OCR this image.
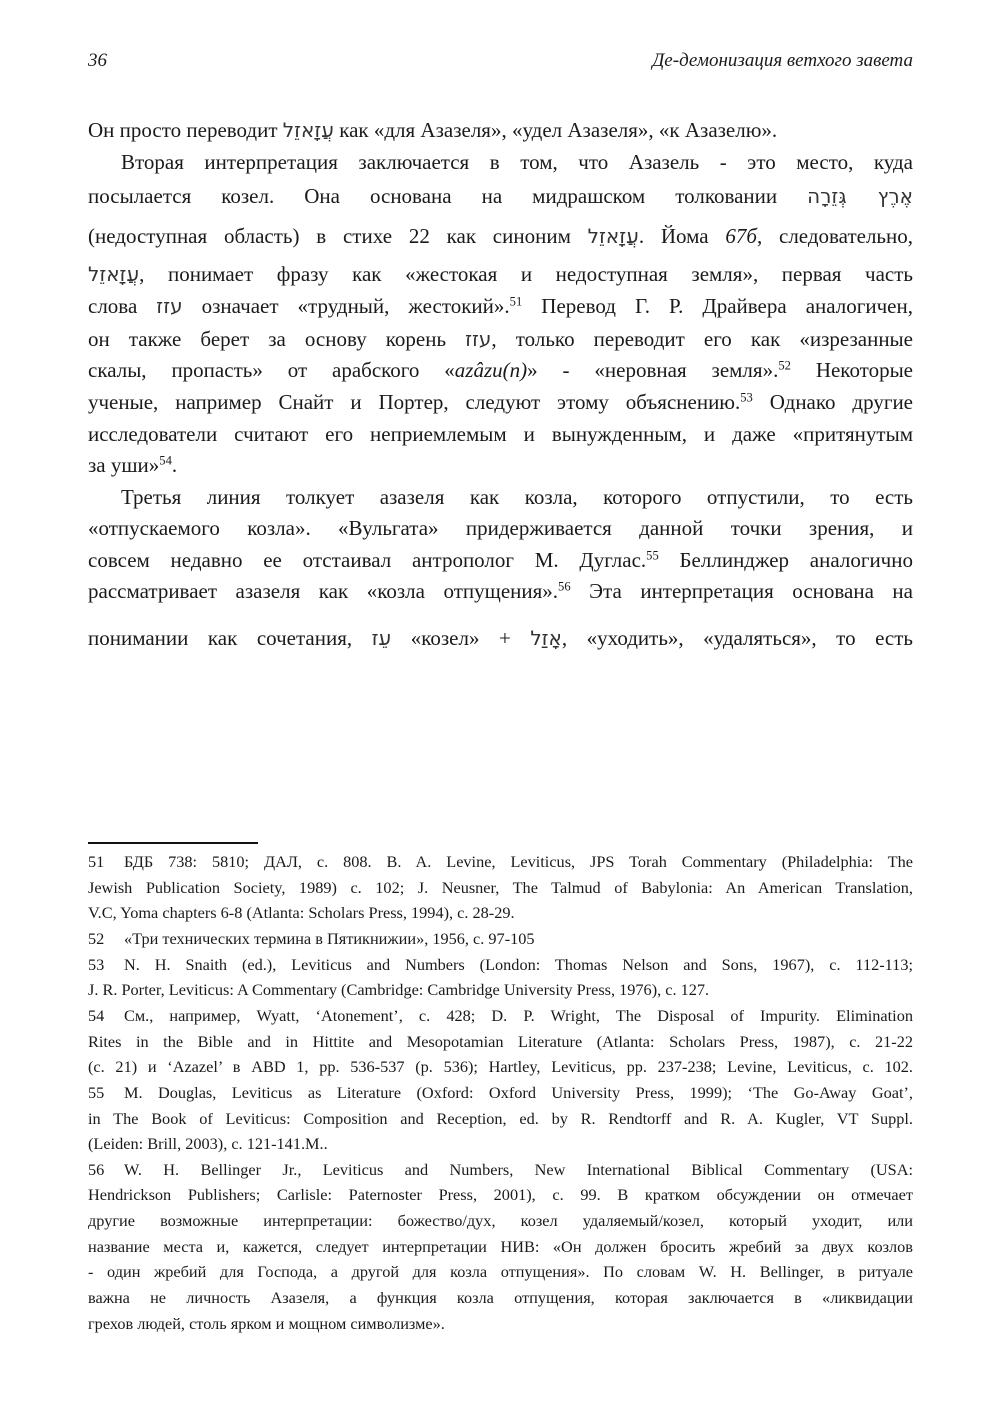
36	Де-демонизация ветхого завета
Он просто переводит עֲזָאזֵל как «для Азазеля», «удел Азазеля», «к Азазелю».
Вторая интерпретация заключается в том, что Азазель - это место, куда
посылается козел. Она основана на мидрашском толковании אֶרֶץ גְּזֵרָה
(недоступная область) в стихе 22 как синоним עֲזָאזֵל. Йома 67б, следовательно,
עֲזָאזֵל, понимает фразу как «жестокая и недоступная земля», первая часть
слова עזז означает «трудный, жестокий».$^{51}$ Перевод Г. Р. Драйвера аналогичен,
он также берет за основу корень עזז, только переводит его как «изрезанные
скалы, пропасть» от арабского «azâzu(n)» - «неровная земля».$^{52}$ Некоторые
ученые, например Снайт и Портер, следуют этому объяснению.$^{53}$ Однако другие
исследователи считают его неприемлемым и вынужденным, и даже «притянутым
за уши»$^{54}$.
Третья линия толкует азазеля как козла, которого отпустили, то есть
«отпускаемого козла». «Вульгата» придерживается данной точки зрения, и
совсем недавно ее отстаивал антрополог М. Дуглас.$^{55}$ Беллинджер аналогично
рассматривает азазеля как «козла отпущения».$^{56}$ Эта интерпретация основана на
понимании как сочетания, עֵז «козел» + אָזַל, «уходить», «удаляться», то есть
51 БДБ 738: 5810; ДАЛ, с. 808. B. A. Levine, Leviticus, JPS Torah Commentary (Philadelphia: The
Jewish Publication Society, 1989) c. 102; J. Neusner, The Talmud of Babylonia: An American Translation,
V.C, Yoma chapters 6-8 (Atlanta: Scholars Press, 1994), c. 28-29.
52 «Три технических термина в Пятикнижии», 1956, с. 97-105
53 N. H. Snaith (ed.), Leviticus and Numbers (London: Thomas Nelson and Sons, 1967), c. 112-113;
J. R. Porter, Leviticus: A Commentary (Cambridge: Cambridge University Press, 1976), c. 127.
54 См., например, Wyatt, ‘Atonement’, с. 428; D. P. Wright, The Disposal of Impurity. Elimination
Rites in the Bible and in Hittite and Mesopotamian Literature (Atlanta: Scholars Press, 1987), c. 21-22
(c. 21) и ‘Azazel’ в ABD 1, pp. 536-537 (p. 536); Hartley, Leviticus, pp. 237-238; Levine, Leviticus, c. 102.
55 M. Douglas, Leviticus as Literature (Oxford: Oxford University Press, 1999); ‘The Go-Away Goat’,
in The Book of Leviticus: Composition and Reception, ed. by R. Rendtorff and R. A. Kugler, VT Suppl.
(Leiden: Brill, 2003), c. 121-141.M..
56 W. H. Bellinger Jr., Leviticus and Numbers, New International Biblical Commentary (USA:
Hendrickson Publishers; Carlisle: Paternoster Press, 2001), c. 99. В кратком обсуждении он отмечает
другие возможные интерпретации: божество/дух, козел удаляемый/козел, который уходит, или
название места и, кажется, следует интерпретации НИВ: «Он должен бросить жребий за двух козлов
- один жребий для Господа, а другой для козла отпущения». По словам W. H. Bellinger, в ритуале
важна не личность Азазеля, а функция козла отпущения, которая заключается в «ликвидации
грехов людей, столь ярком и мощном символизме».
